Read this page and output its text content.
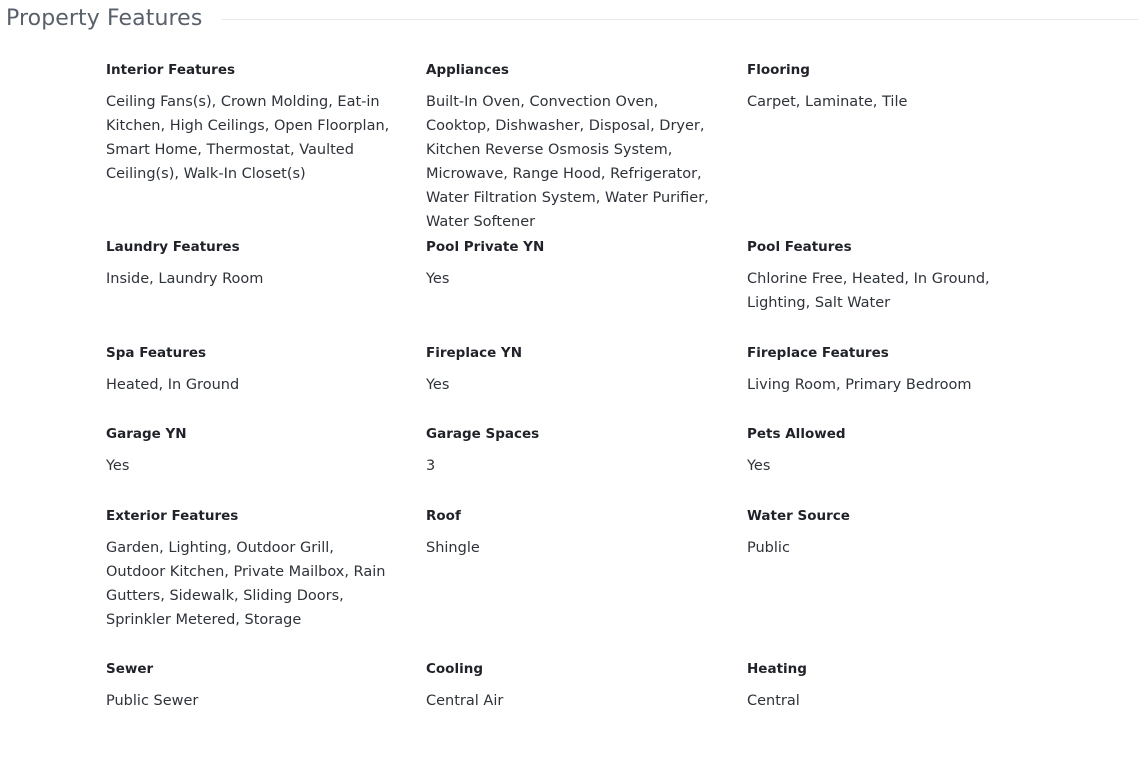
Property Features
Interior Features
Ceiling Fans(s), Crown Molding, Eat-in Kitchen, High Ceilings, Open Floorplan, Smart Home, Thermostat, Vaulted Ceiling(s), Walk-In Closet(s)
Appliances
Built-In Oven, Convection Oven, Cooktop, Dishwasher, Disposal, Dryer, Kitchen Reverse Osmosis System, Microwave, Range Hood, Refrigerator, Water Filtration System, Water Purifier, Water Softener
Flooring
Carpet, Laminate, Tile
Laundry Features
Inside, Laundry Room
Pool Private YN
Yes
Pool Features
Chlorine Free, Heated, In Ground, Lighting, Salt Water
Spa Features
Heated, In Ground
Fireplace YN
Yes
Fireplace Features
Living Room, Primary Bedroom
Garage YN
Yes
Garage Spaces
3
Pets Allowed
Yes
Exterior Features
Garden, Lighting, Outdoor Grill, Outdoor Kitchen, Private Mailbox, Rain Gutters, Sidewalk, Sliding Doors, Sprinkler Metered, Storage
Roof
Shingle
Water Source
Public
Sewer
Public Sewer
Cooling
Central Air
Heating
Central
